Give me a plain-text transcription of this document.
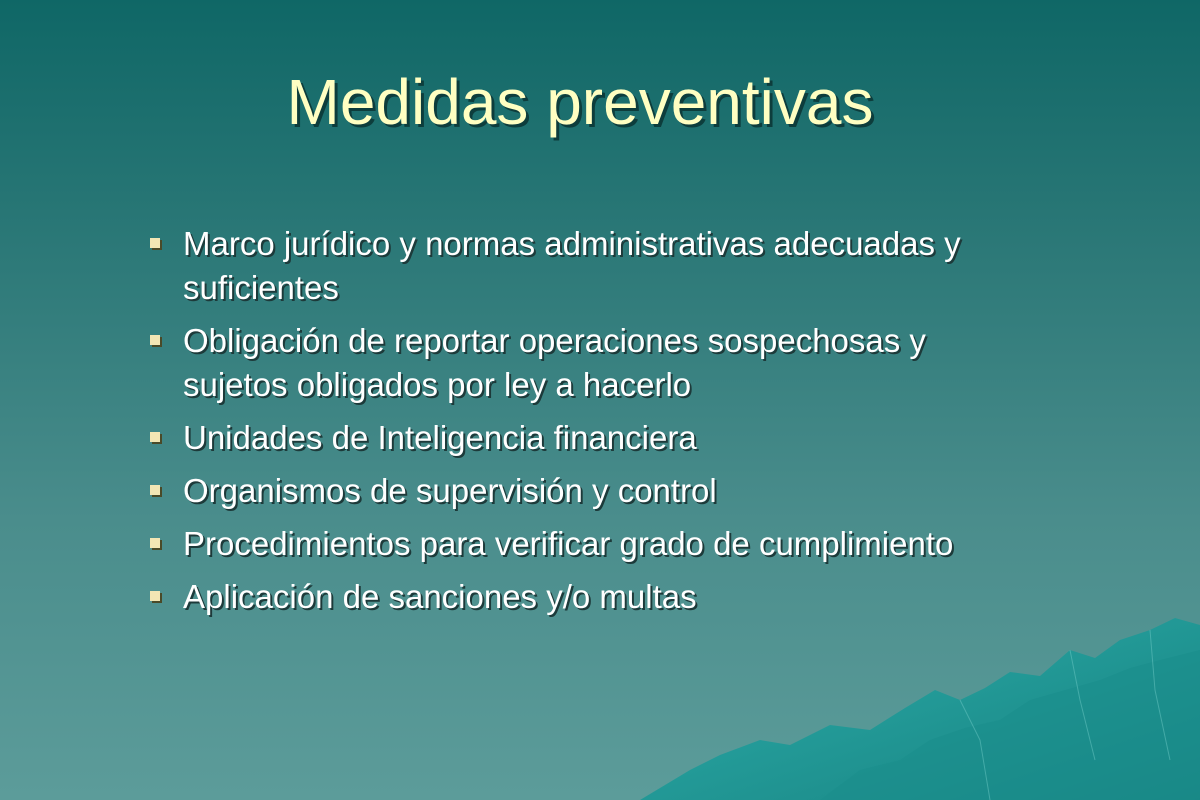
Medidas preventivas
Marco jurídico y normas administrativas adecuadas y suficientes
Obligación de reportar operaciones sospechosas y sujetos obligados por ley a hacerlo
Unidades de Inteligencia financiera
Organismos de supervisión y control
Procedimientos para verificar grado de cumplimiento
Aplicación de sanciones y/o multas
